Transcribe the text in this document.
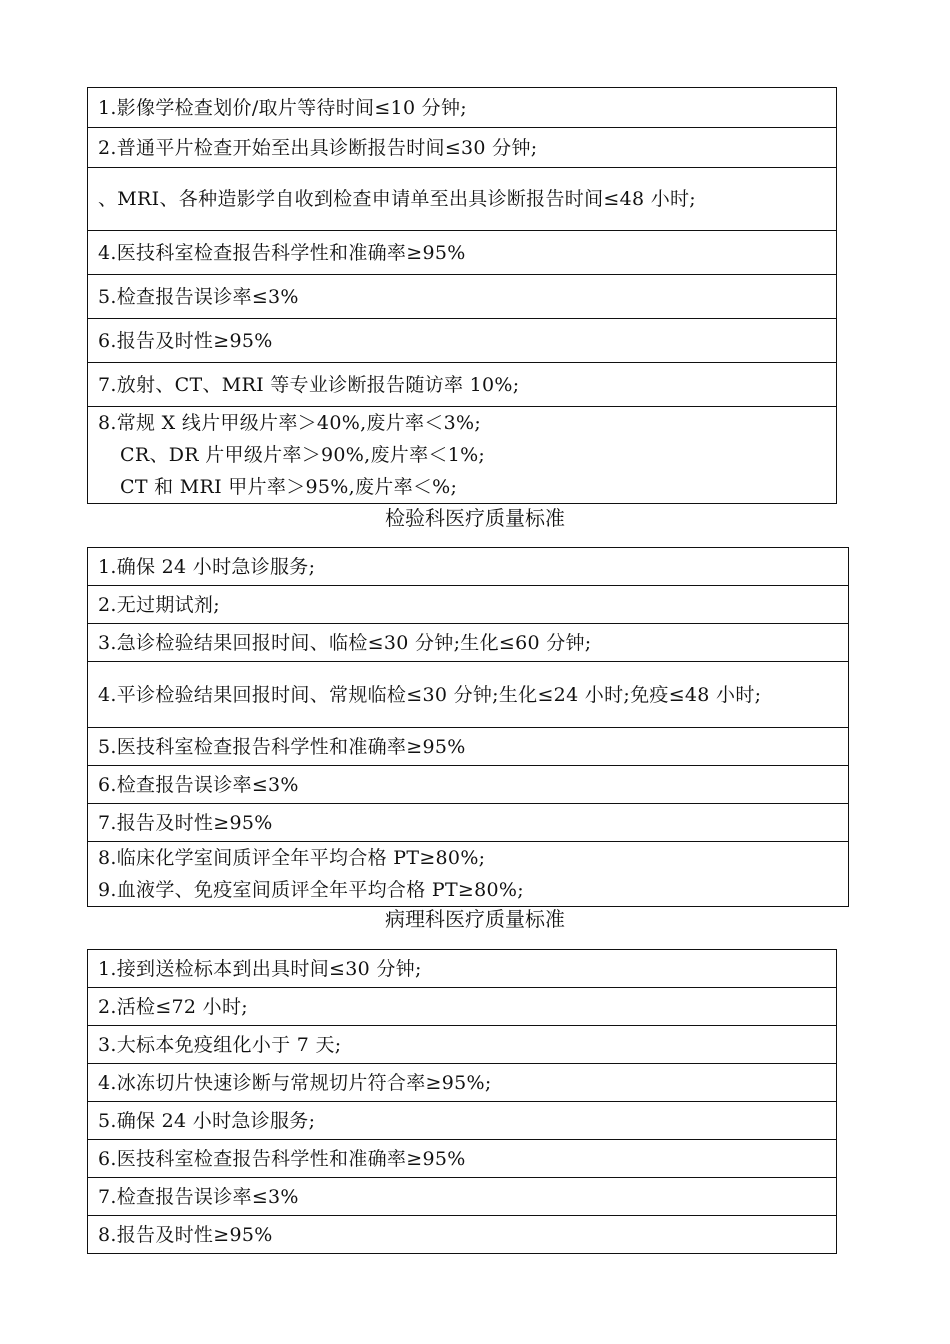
1.影像学检查划价/取片等待时间≤10 分钟;

2.普通平片检查开始至出具诊断报告时间≤30 分钟;

、MRI、各种造影学自收到检查申请单至出具诊断报告时间≤48 小时;

4.医技科室检查报告科学性和准确率≥95%

5.检查报告误诊率≤3%

6.报告及时性≥95%

7.放射、CT、MRI 等专业诊断报告随访率 10%;

8.常规 X 线片甲级片率＞40%,废片率＜3%;
CR、DR 片甲级片率＞90%,废片率＜1%;
CT 和 MRI 甲片率＞95%,废片率＜%;
检验科医疗质量标准
1.确保 24 小时急诊服务;

2.无过期试剂;

3.急诊检验结果回报时间、临检≤30 分钟;生化≤60 分钟;

4.平诊检验结果回报时间、常规临检≤30 分钟;生化≤24 小时;免疫≤48 小时;

5.医技科室检查报告科学性和准确率≥95%

6.检查报告误诊率≤3%

7.报告及时性≥95%

8.临床化学室间质评全年平均合格 PT≥80%;
9.血液学、免疫室间质评全年平均合格 PT≥80%;
病理科医疗质量标准
1.接到送检标本到出具时间≤30 分钟;

2.活检≤72 小时;

3.大标本免疫组化小于 7 天;

4.冰冻切片快速诊断与常规切片符合率≥95%;

5.确保 24 小时急诊服务;

6.医技科室检查报告科学性和准确率≥95%

7.检查报告误诊率≤3%

8.报告及时性≥95%
